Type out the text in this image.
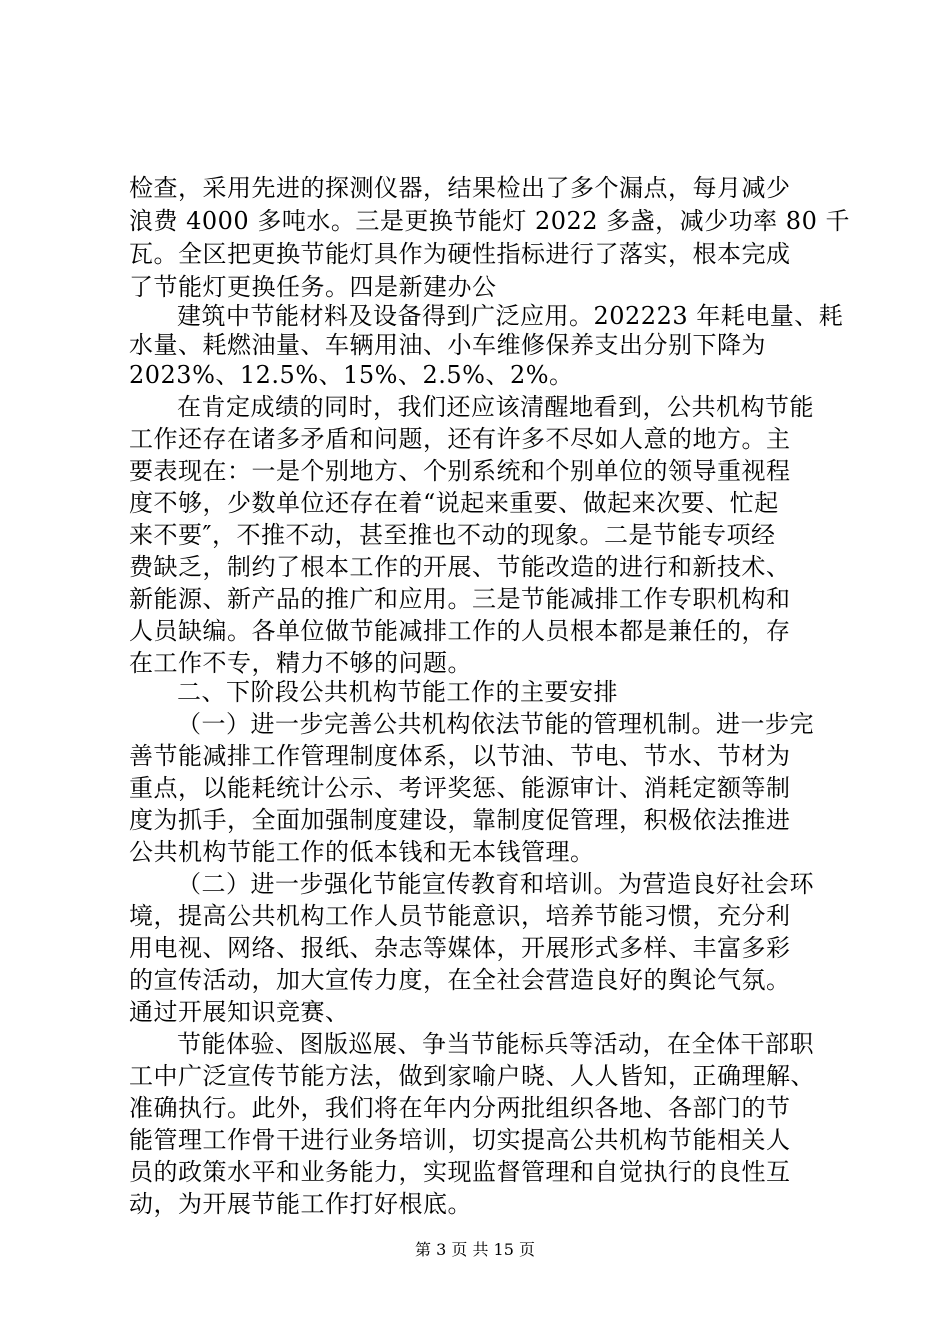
检查，采用先进的探测仪器，结果检出了多个漏点，每月减少
浪费 4000 多吨水。三是更换节能灯 2022 多盏，减少功率 80 千
瓦。全区把更换节能灯具作为硬性指标进行了落实，根本完成
了节能灯更换任务。四是新建办公
建筑中节能材料及设备得到广泛应用。202223 年耗电量、耗
水量、耗燃油量、车辆用油、小车维修保养支出分别下降为
2023%、12.5%、15%、2.5%、2%。
在肯定成绩的同时，我们还应该清醒地看到，公共机构节能
工作还存在诸多矛盾和问题，还有许多不尽如人意的地方。主
要表现在：一是个别地方、个别系统和个别单位的领导重视程
度不够，少数单位还存在着“说起来重要、做起来次要、忙起
来不要″，不推不动，甚至推也不动的现象。二是节能专项经
费缺乏，制约了根本工作的开展、节能改造的进行和新技术、
新能源、新产品的推广和应用。三是节能减排工作专职机构和
人员缺编。各单位做节能减排工作的人员根本都是兼任的，存
在工作不专，精力不够的问题。
二、下阶段公共机构节能工作的主要安排
（一）进一步完善公共机构依法节能的管理机制。进一步完
善节能减排工作管理制度体系，以节油、节电、节水、节材为
重点，以能耗统计公示、考评奖惩、能源审计、消耗定额等制
度为抓手，全面加强制度建设，靠制度促管理，积极依法推进
公共机构节能工作的低本钱和无本钱管理。
（二）进一步强化节能宣传教育和培训。为营造良好社会环
境，提高公共机构工作人员节能意识，培养节能习惯，充分利
用电视、网络、报纸、杂志等媒体，开展形式多样、丰富多彩
的宣传活动，加大宣传力度，在全社会营造良好的舆论气氛。
通过开展知识竞赛、
节能体验、图版巡展、争当节能标兵等活动，在全体干部职
工中广泛宣传节能方法，做到家喻户晓、人人皆知，正确理解、
准确执行。此外，我们将在年内分两批组织各地、各部门的节
能管理工作骨干进行业务培训，切实提高公共机构节能相关人
员的政策水平和业务能力，实现监督管理和自觉执行的良性互
动，为开展节能工作打好根底。
第 3 页 共 15 页
